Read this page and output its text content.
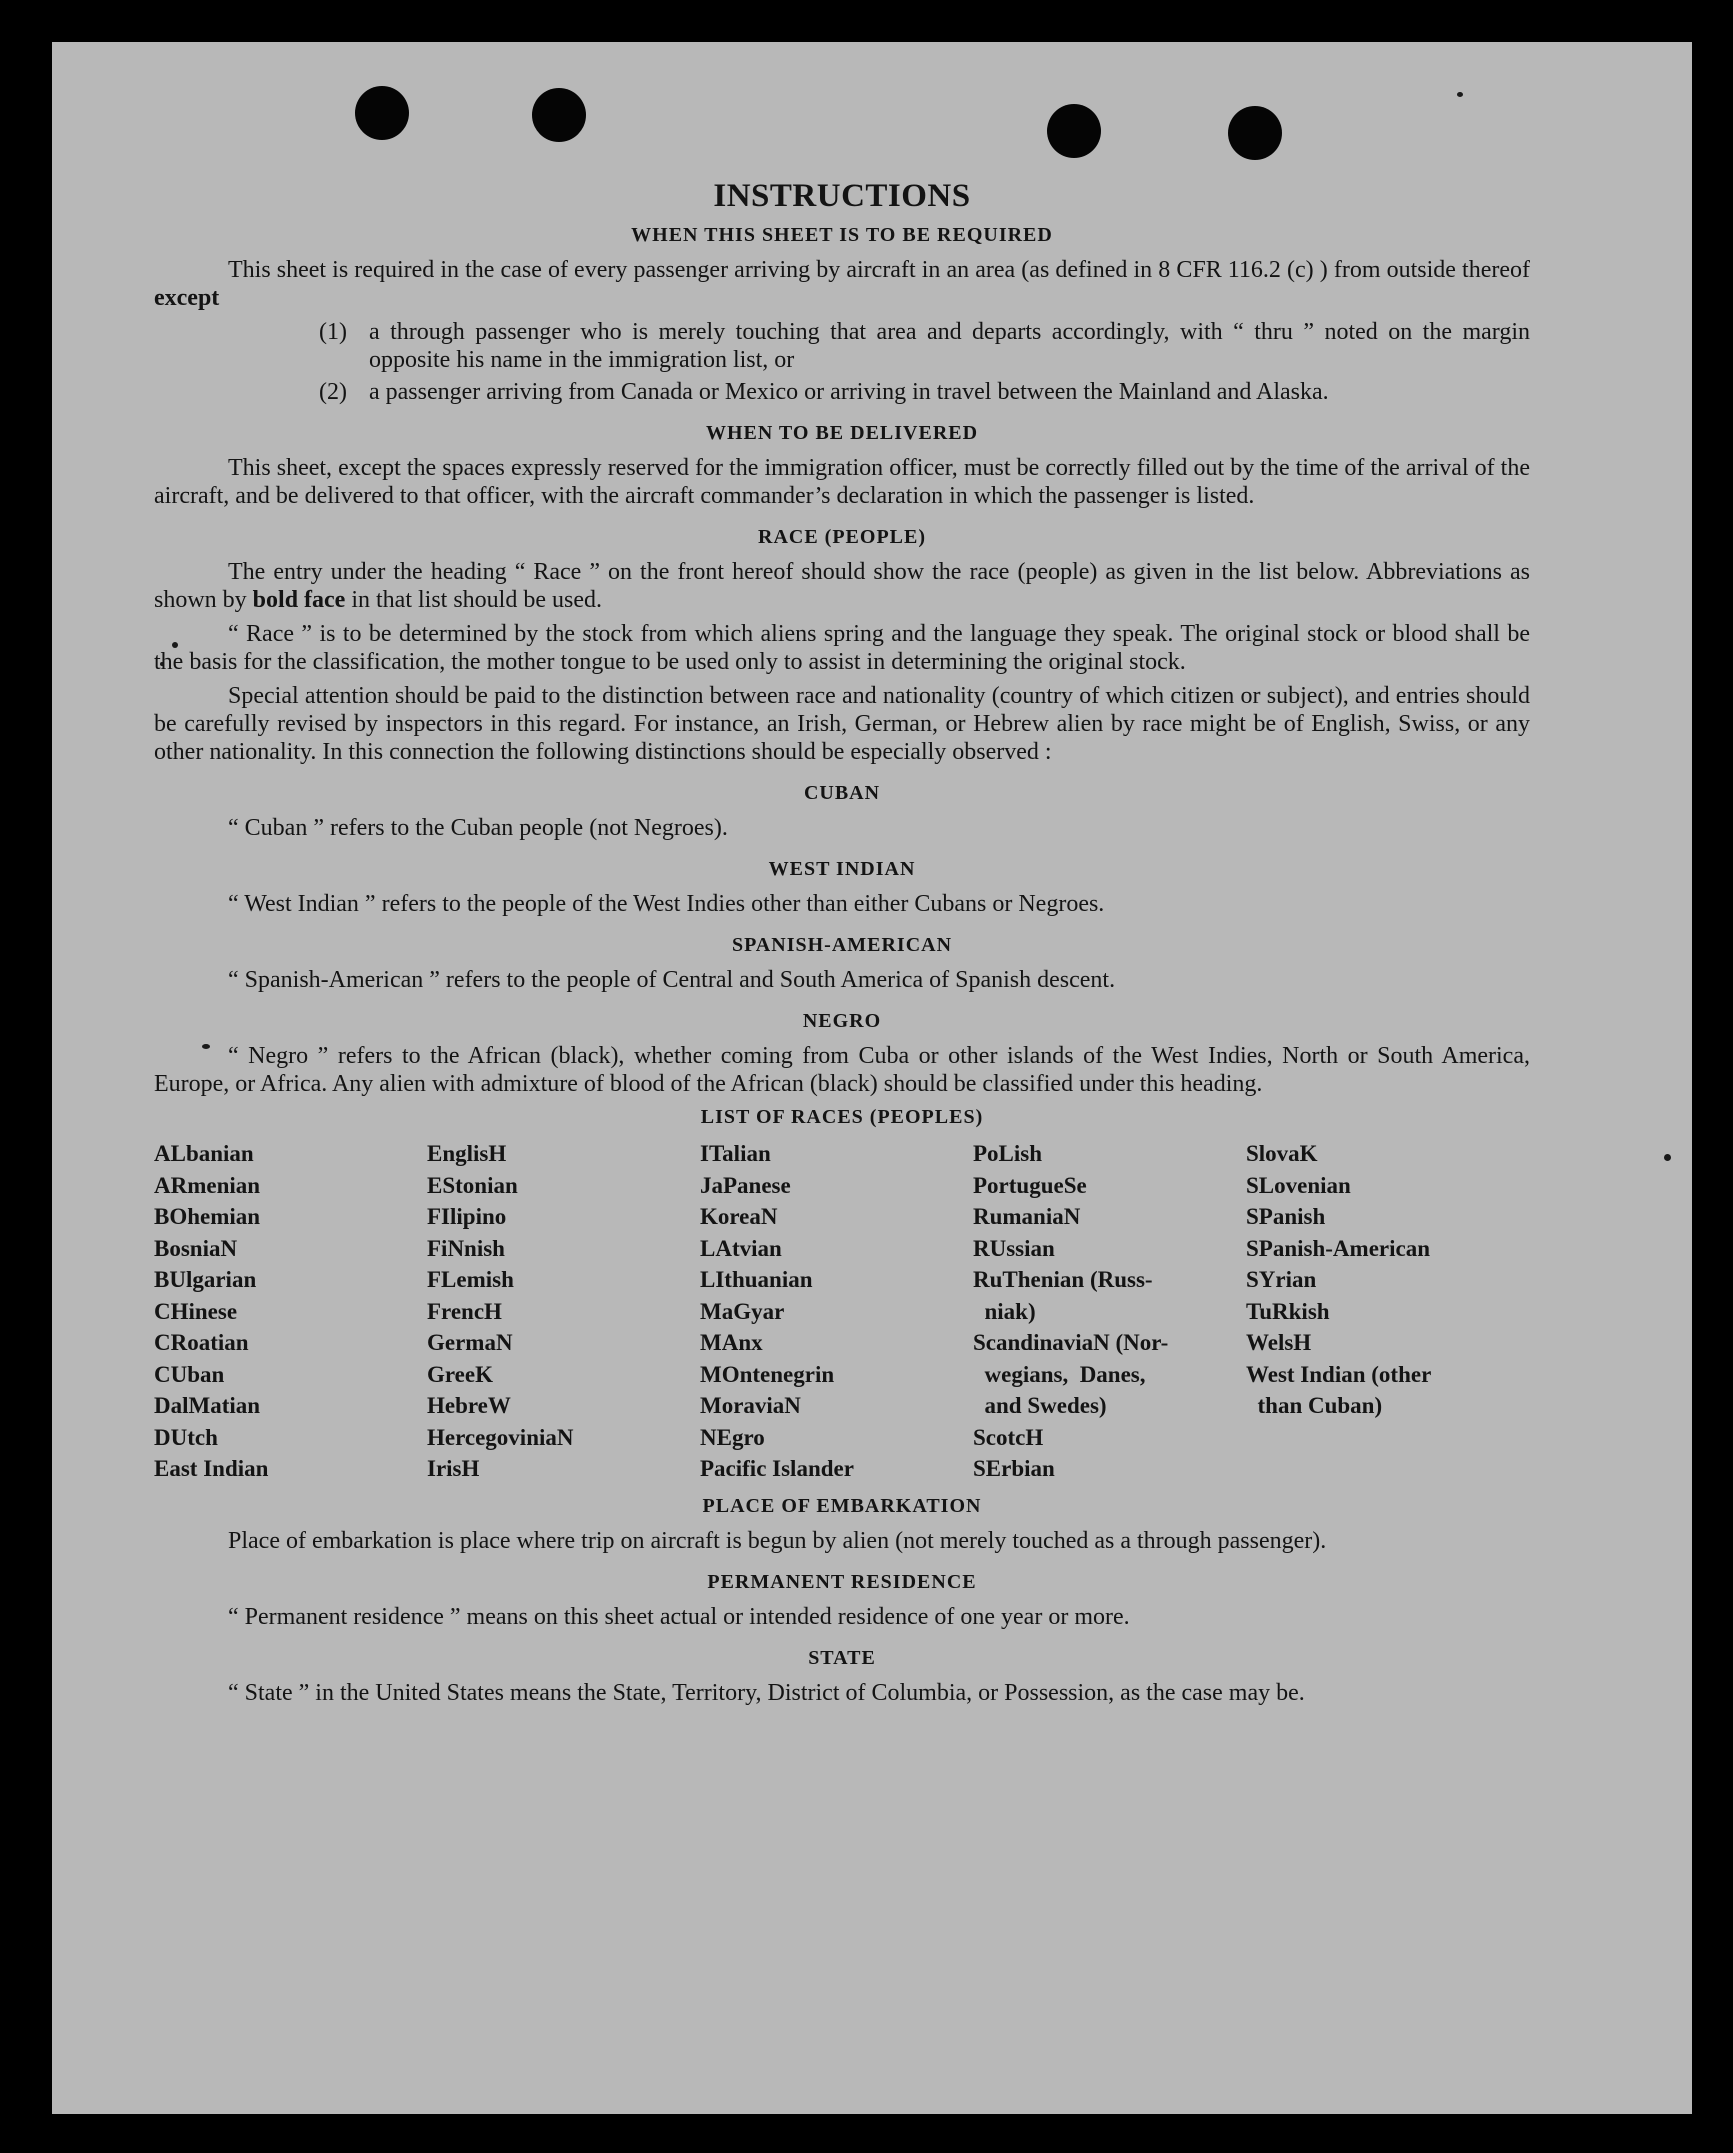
INSTRUCTIONS
WHEN THIS SHEET IS TO BE REQUIRED

This sheet is required in the case of every passenger arriving by aircraft in an area (as defined in 8 CFR 116.2 (c) ) from outside thereof except

(1) a through passenger who is merely touching that area and departs accordingly, with “ thru ” noted on the margin opposite his name in the immigration list, or
(2) a passenger arriving from Canada or Mexico or arriving in travel between the Mainland and Alaska.
WHEN TO BE DELIVERED

This sheet, except the spaces expressly reserved for the immigration officer, must be correctly filled out by the time of the arrival of the aircraft, and be delivered to that officer, with the aircraft commander’s declaration in which the passenger is listed.

RACE (PEOPLE)

The entry under the heading “ Race ” on the front hereof should show the race (people) as given in the list below. Abbreviations as shown by bold face in that list should be used.

“ Race ” is to be determined by the stock from which aliens spring and the language they speak. The original stock or blood shall be the basis for the classification, the mother tongue to be used only to assist in determining the original stock.

Special attention should be paid to the distinction between race and nationality (country of which citizen or subject), and entries should be carefully revised by inspectors in this regard. For instance, an Irish, German, or Hebrew alien by race might be of English, Swiss, or any other nationality. In this connection the following distinctions should be especially observed :

CUBAN

“ Cuban ” refers to the Cuban people (not Negroes).

WEST INDIAN

“ West Indian ” refers to the people of the West Indies other than either Cubans or Negroes.

SPANISH-AMERICAN

“ Spanish-American ” refers to the people of Central and South America of Spanish descent.

NEGRO

“ Negro ” refers to the African (black), whether coming from Cuba or other islands of the West Indies, North or South America, Europe, or Africa. Any alien with admixture of blood of the African (black) should be classified under this heading.

LIST OF RACES (PEOPLES)
ALbanian
ARmenian
BOhemian
BosniaN
BUlgarian
CHinese
CRoatian
CUban
DalMatian
DUtch
East Indian
EnglisH
EStonian
FIlipino
FiNnish
FLemish
FrencH
GermaN
GreeK
HebreW
HercegoviniaN
IrisH
ITalian
JaPanese
KoreaN
LAtvian
LIthuanian
MaGyar
MAnx
MOntenegrin
MoraviaN
NEgro
Pacific Islander
PoLish
PortugueSe
RumaniaN
RUssian
RuThenian (Russ-
niak)
ScandinaviaN (Nor-
wegians,  Danes,
and Swedes)
ScotcH
SErbian
SlovaK
SLovenian
SPanish
SPanish-American
SYrian
TuRkish
WelsH
West Indian (other
than Cuban)
PLACE OF EMBARKATION

Place of embarkation is place where trip on aircraft is begun by alien (not merely touched as a through passenger).

PERMANENT RESIDENCE

“ Permanent residence ” means on this sheet actual or intended residence of one year or more.

STATE

“ State ” in the United States means the State, Territory, District of Columbia, or Possession, as the case may be.
